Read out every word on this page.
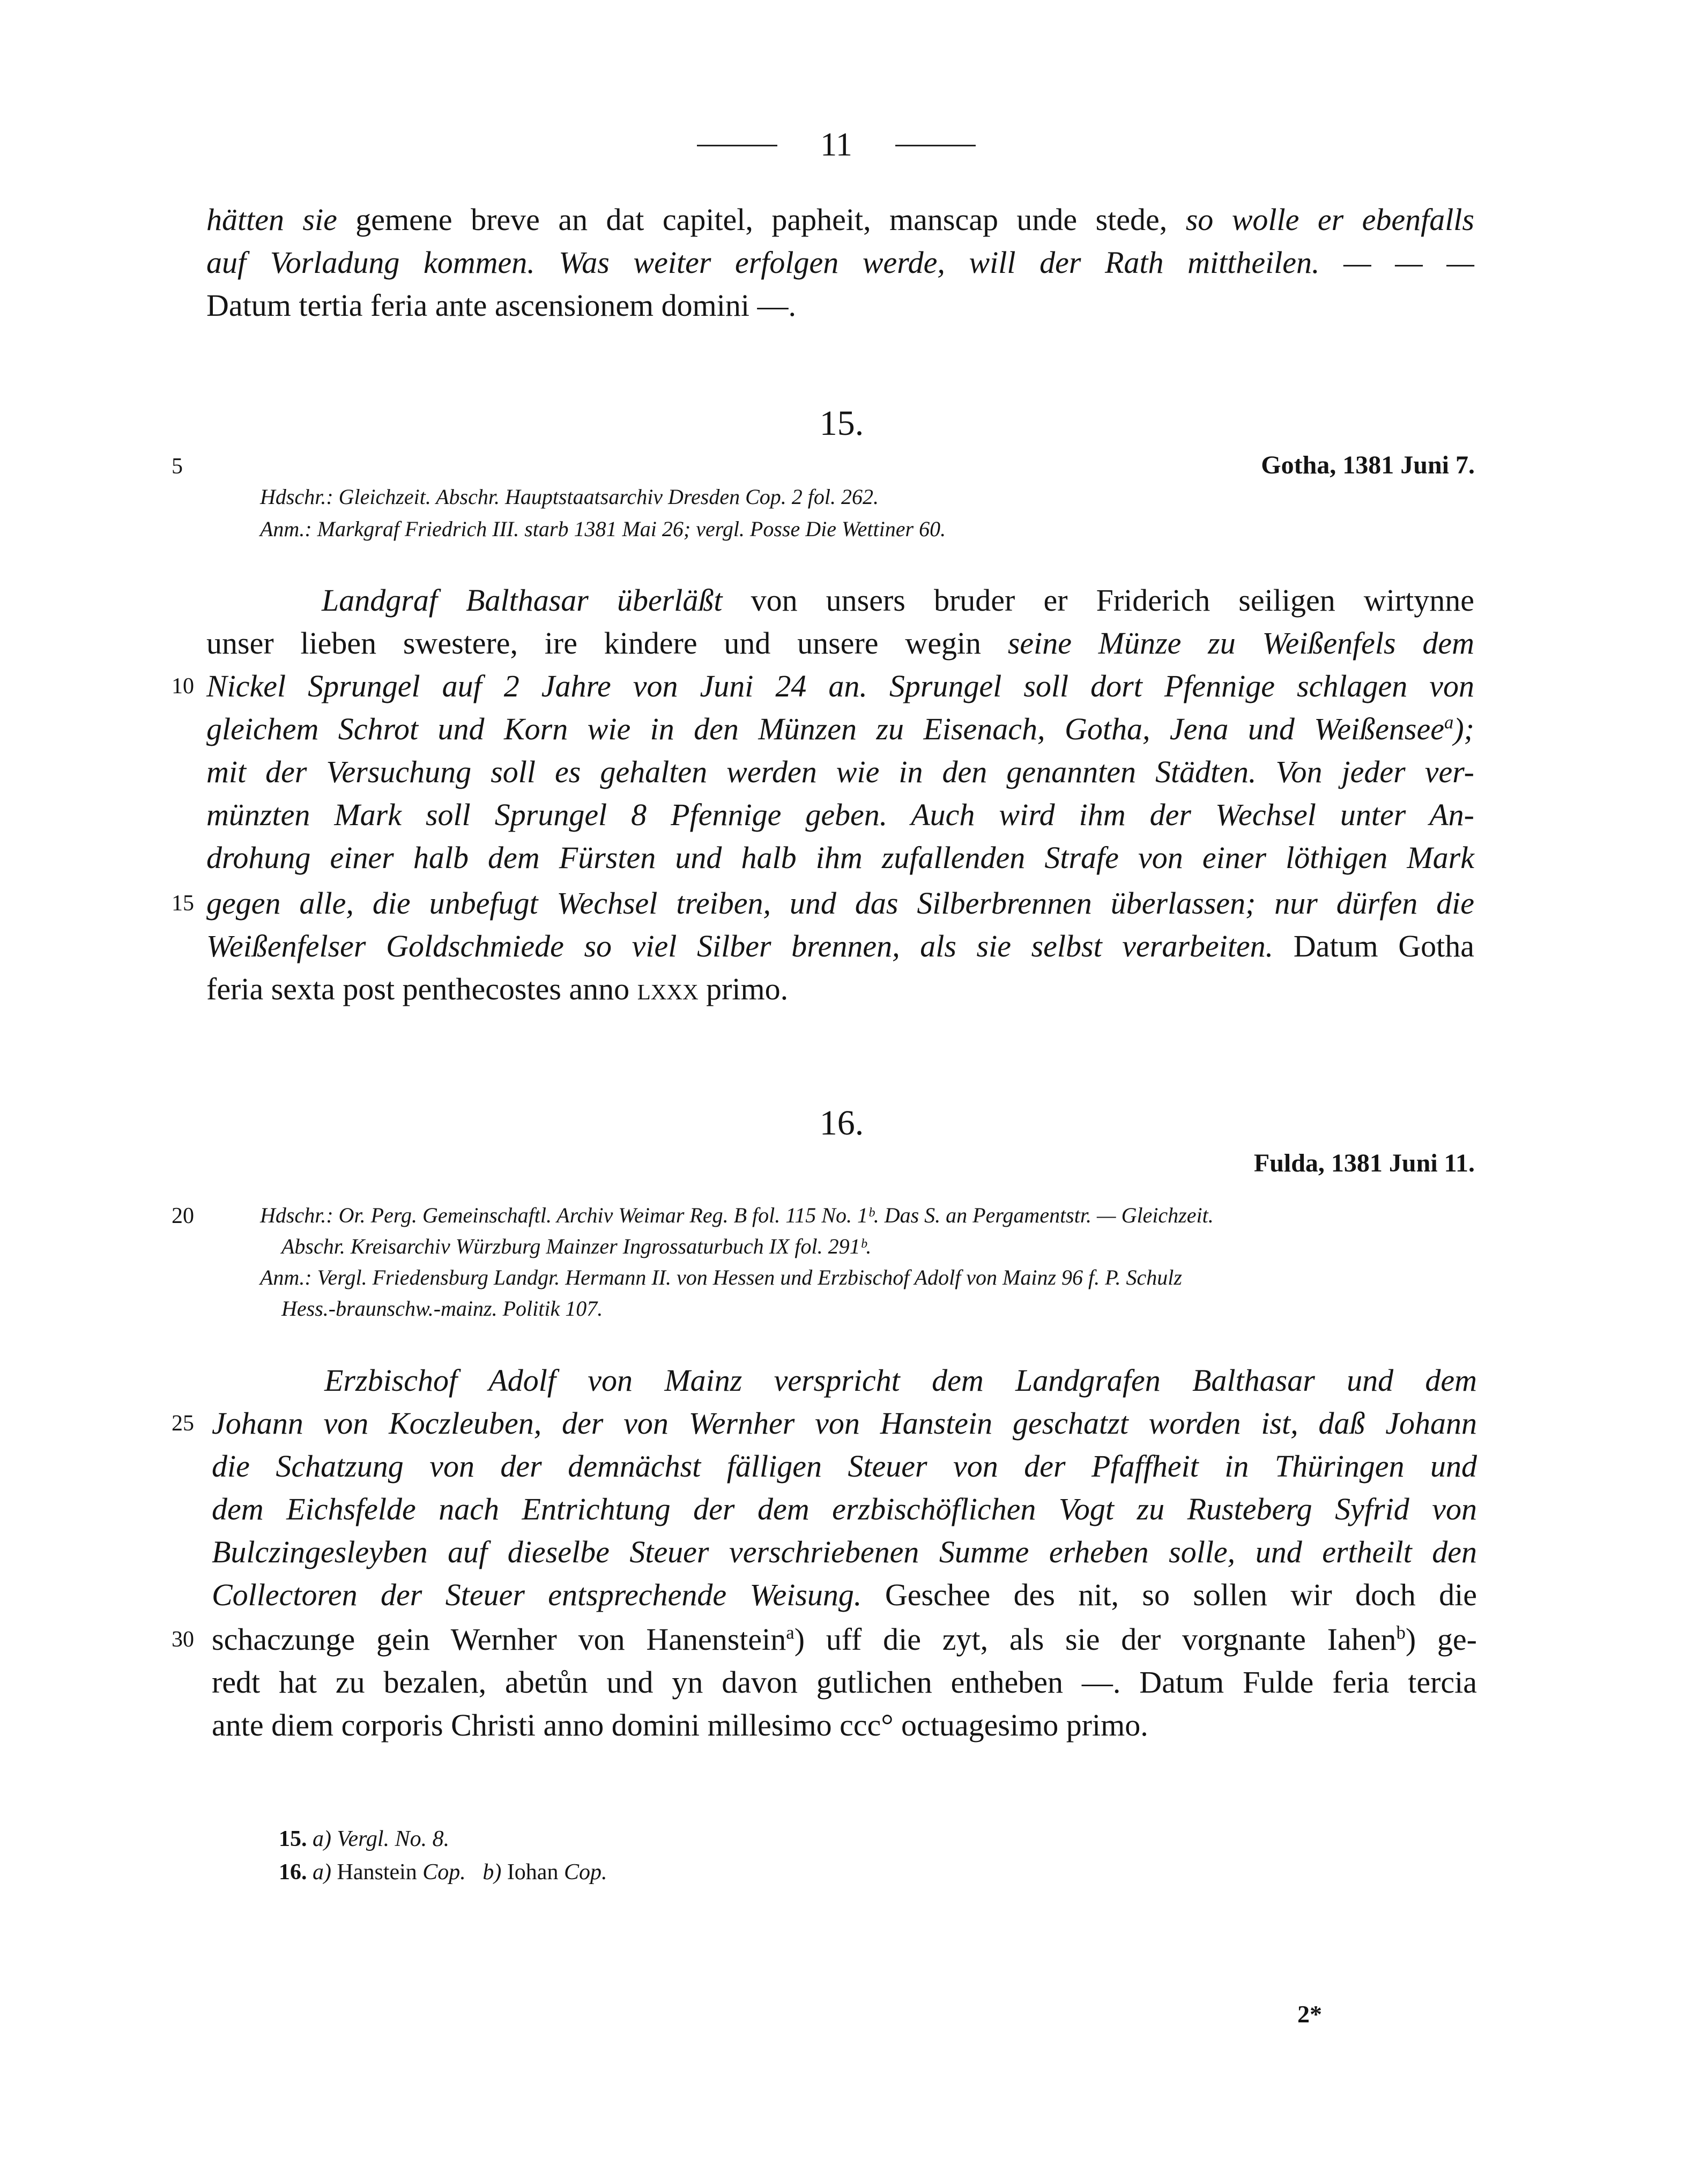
11
hätten sie gemene breve an dat capitel, papheit, manscap unde stede, so wolle er ebenfalls
auf Vorladung kommen. Was weiter erfolgen werde, will der Rath mittheilen. — — —
Datum tertia feria ante ascensionem domini —.
15.
5	Gotha, 1381 Juni 7.
Hdschr.: Gleichzeit. Abschr. Hauptstaatsarchiv Dresden Cop. 2 fol. 262.
Anm.: Markgraf Friedrich III. starb 1381 Mai 26; vergl. Posse Die Wettiner 60.
Landgraf Balthasar überläßt von unsers bruder er Friderich seiligen wirtynne
unser lieben swestere, ire kindere und unsere wegin seine Münze zu Weißenfels dem
10 Nickel Sprungel auf 2 Jahre von Juni 24 an. Sprungel soll dort Pfennige schlagen von
gleichem Schrot und Korn wie in den Münzen zu Eisenach, Gotha, Jena und Weißensee$^a$);
mit der Versuchung soll es gehalten werden wie in den genannten Städten. Von jeder ver-
münzten Mark soll Sprungel 8 Pfennige geben. Auch wird ihm der Wechsel unter An-
drohung einer halb dem Fürsten und halb ihm zufallenden Strafe von einer löthigen Mark
15 gegen alle, die unbefugt Wechsel treiben, und das Silberbrennen überlassen; nur dürfen die
Weißenfelser Goldschmiede so viel Silber brennen, als sie selbst verarbeiten. Datum Gotha
feria sexta post penthecostes anno lxxx primo.
16.
Fulda, 1381 Juni 11.
20	Hdschr.: Or. Perg. Gemeinschaftl. Archiv Weimar Reg. B fol. 115 No. 1ᵇ. Das S. an Pergamentstr. — Gleichzeit.
Abschr. Kreisarchiv Würzburg Mainzer Ingrossaturbuch IX fol. 291ᵇ.
Anm.: Vergl. Friedensburg Landgr. Hermann II. von Hessen und Erzbischof Adolf von Mainz 96 f. P. Schulz
Hess.-braunschw.-mainz. Politik 107.
Erzbischof Adolf von Mainz verspricht dem Landgrafen Balthasar und dem
25 Johann von Koczleuben, der von Wernher von Hanstein geschatzt worden ist, daß Johann
die Schatzung von der demnächst fälligen Steuer von der Pfaffheit in Thüringen und
dem Eichsfelde nach Entrichtung der dem erzbischöflichen Vogt zu Rusteberg Syfrid von
Bulczingesleyben auf dieselbe Steuer verschriebenen Summe erheben solle, und ertheilt den
Collectoren der Steuer entsprechende Weisung. Geschee des nit, so sollen wir doch die
30 schaczunge gein Wernher von Hanenstein$^a$) uff die zyt, als sie der vorgnante Iahen$^b$) ge-
redt hat zu bezalen, abetůn und yn davon gutlichen entheben —. Datum Fulde feria tercia
ante diem corporis Christi anno domini millesimo ccc° octuagesimo primo.
15. a) Vergl. No. 8.
16. a) Hanstein Cop. b) Iohan Cop.
2*
